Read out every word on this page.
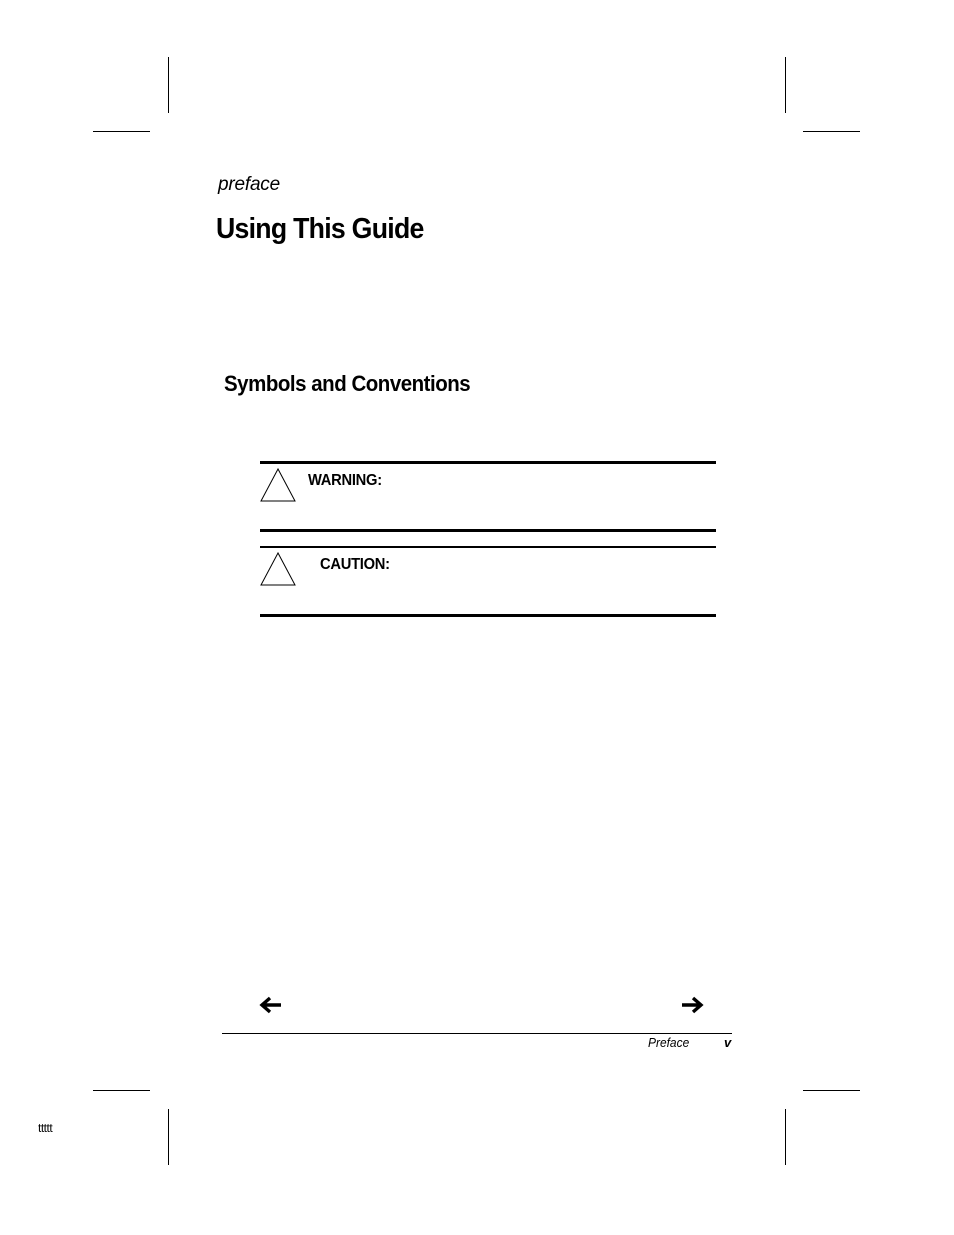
preface
Using This Guide
Symbols and Conventions
WARNING:
CAUTION:
Preface	v
ttttt
